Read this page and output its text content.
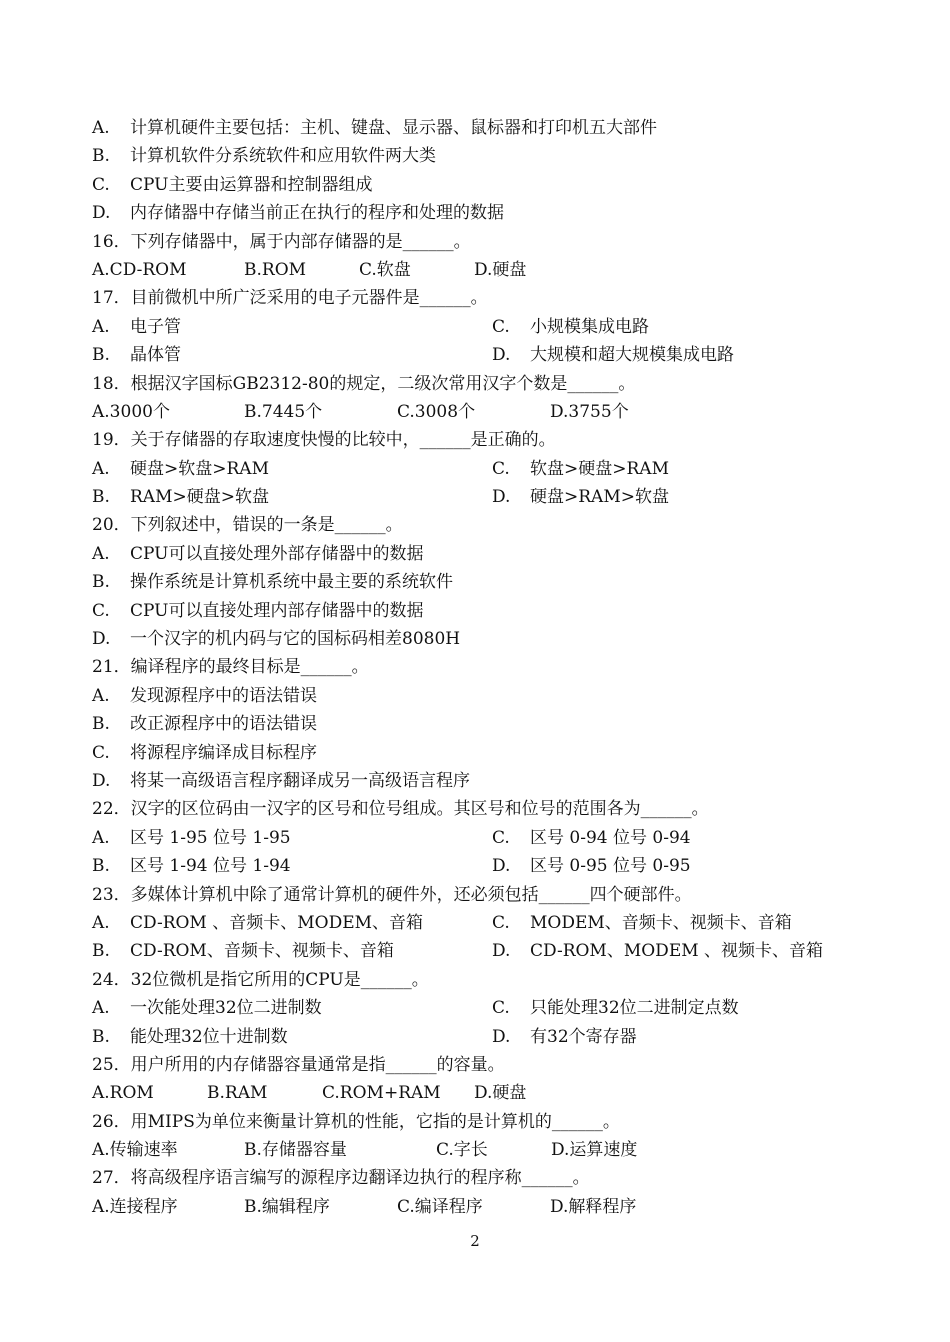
A. 计算机硬件主要包括：主机、键盘、显示器、鼠标器和打印机五大部件
B. 计算机软件分系统软件和应用软件两大类
C. CPU主要由运算器和控制器组成
D. 内存储器中存储当前正在执行的程序和处理的数据
16．下列存储器中，属于内部存储器的是______。
A.CD-ROM	B.ROM	C.软盘	D.硬盘
17．目前微机中所广泛采用的电子元器件是______。
A. 电子管	C. 小规模集成电路
B. 晶体管	D. 大规模和超大规模集成电路
18．根据汉字国标GB2312-80的规定，二级次常用汉字个数是______。
A.3000个	B.7445个	C.3008个	D.3755个
19．关于存储器的存取速度快慢的比较中，______是正确的。
A. 硬盘>软盘>RAM	C. 软盘>硬盘>RAM
B. RAM>硬盘>软盘	D. 硬盘>RAM>软盘
20．下列叙述中，错误的一条是______。
A. CPU可以直接处理外部存储器中的数据
B. 操作系统是计算机系统中最主要的系统软件
C. CPU可以直接处理内部存储器中的数据
D. 一个汉字的机内码与它的国标码相差8080H
21．编译程序的最终目标是______。
A. 发现源程序中的语法错误
B. 改正源程序中的语法错误
C. 将源程序编译成目标程序
D. 将某一高级语言程序翻译成另一高级语言程序
22．汉字的区位码由一汉字的区号和位号组成。其区号和位号的范围各为______。
A. 区号 1-95 位号 1-95	C. 区号 0-94 位号 0-94
B. 区号 1-94 位号 1-94	D. 区号 0-95 位号 0-95
23．多媒体计算机中除了通常计算机的硬件外，还必须包括______四个硬部件。
A. CD-ROM 、音频卡、MODEM、音箱	C. MODEM、音频卡、视频卡、音箱
B. CD-ROM、音频卡、视频卡、音箱	D. CD-ROM、MODEM 、视频卡、音箱
24．32位微机是指它所用的CPU是______。
A. 一次能处理32位二进制数	C. 只能处理32位二进制定点数
B. 能处理32位十进制数	D. 有32个寄存器
25．用户所用的内存储器容量通常是指______的容量。
A.ROM	B.RAM	C.ROM+RAM D.硬盘
26．用MIPS为单位来衡量计算机的性能，它指的是计算机的______。
A.传输速率	B.存储器容量	C.字长	D.运算速度
27．将高级程序语言编写的源程序边翻译边执行的程序称______。
A.连接程序	B.编辑程序	C.编译程序	D.解释程序
2
